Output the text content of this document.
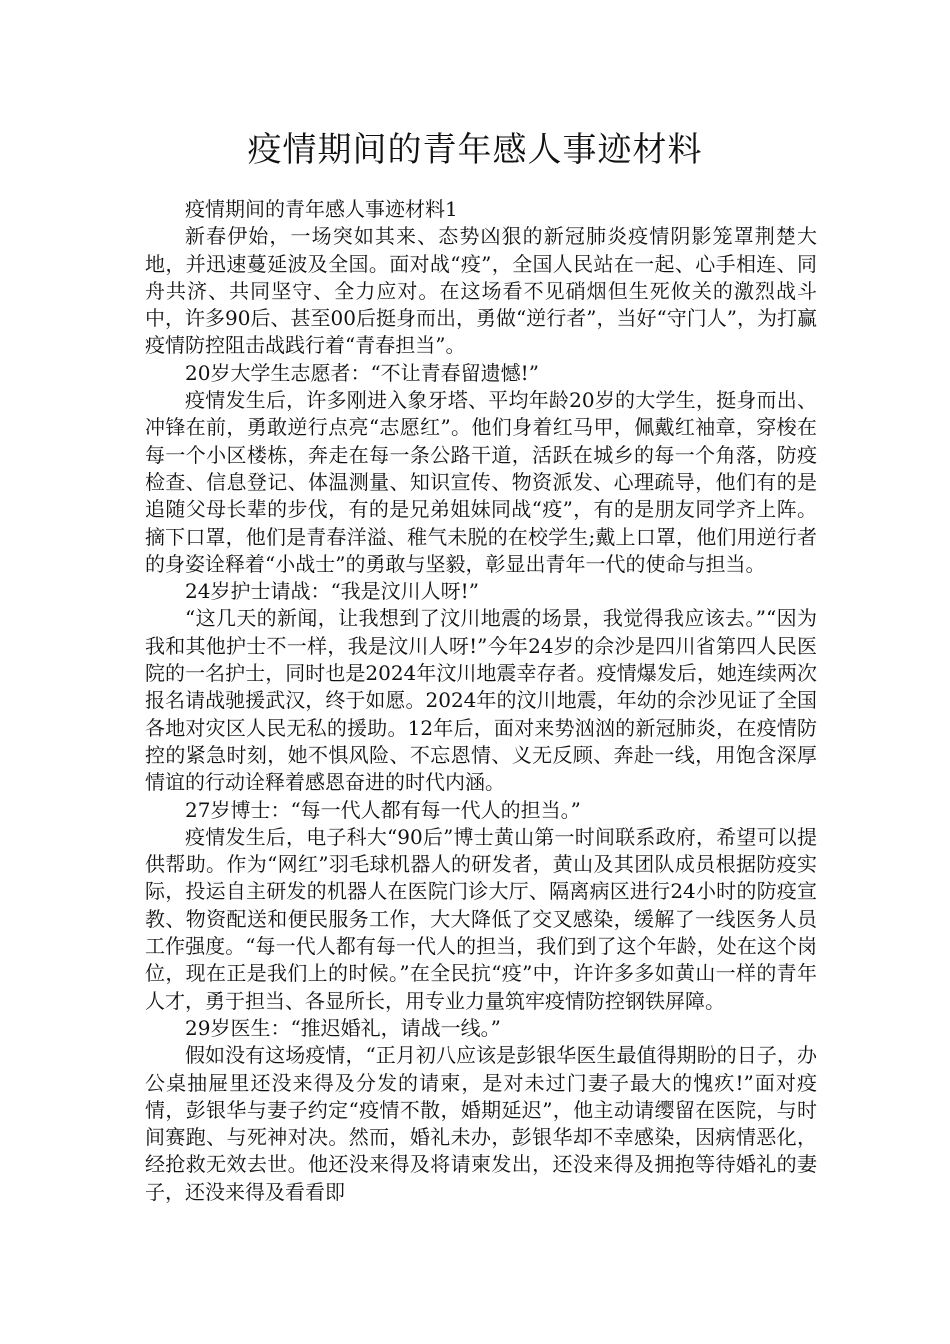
疫情期间的青年感人事迹材料

疫情期间的青年感人事迹材料1

新春伊始，一场突如其来、态势凶狠的新冠肺炎疫情阴影笼罩荆楚大地，并迅速蔓延波及全国。面对战“疫”，全国人民站在一起、心手相连、同舟共济、共同坚守、全力应对。在这场看不见硝烟但生死攸关的激烈战斗中，许多90后、甚至00后挺身而出，勇做“逆行者”，当好“守门人”，为打赢疫情防控阻击战践行着“青春担当”。

20岁大学生志愿者：“不让青春留遗憾!”

疫情发生后，许多刚进入象牙塔、平均年龄20岁的大学生，挺身而出、冲锋在前，勇敢逆行点亮“志愿红”。他们身着红马甲，佩戴红袖章，穿梭在每一个小区楼栋，奔走在每一条公路干道，活跃在城乡的每一个角落，防疫检查、信息登记、体温测量、知识宣传、物资派发、心理疏导，他们有的是追随父母长辈的步伐，有的是兄弟姐妹同战“疫”，有的是朋友同学齐上阵。摘下口罩，他们是青春洋溢、稚气未脱的在校学生;戴上口罩，他们用逆行者的身姿诠释着“小战士”的勇敢与坚毅，彰显出青年一代的使命与担当。

24岁护士请战：“我是汶川人呀!”

“这几天的新闻，让我想到了汶川地震的场景，我觉得我应该去。”“因为我和其他护士不一样，我是汶川人呀!”今年24岁的佘沙是四川省第四人民医院的一名护士，同时也是2024年汶川地震幸存者。疫情爆发后，她连续两次报名请战驰援武汉，终于如愿。2024年的汶川地震，年幼的佘沙见证了全国各地对灾区人民无私的援助。12年后，面对来势汹汹的新冠肺炎，在疫情防控的紧急时刻，她不惧风险、不忘恩情、义无反顾、奔赴一线，用饱含深厚情谊的行动诠释着感恩奋进的时代内涵。

27岁博士：“每一代人都有每一代人的担当。”

疫情发生后，电子科大“90后”博士黄山第一时间联系政府，希望可以提供帮助。作为“网红”羽毛球机器人的研发者，黄山及其团队成员根据防疫实际，投运自主研发的机器人在医院门诊大厅、隔离病区进行24小时的防疫宣教、物资配送和便民服务工作，大大降低了交叉感染，缓解了一线医务人员工作强度。“每一代人都有每一代人的担当，我们到了这个年龄，处在这个岗位，现在正是我们上的时候。”在全民抗“疫”中，许许多多如黄山一样的青年人才，勇于担当、各显所长，用专业力量筑牢疫情防控钢铁屏障。

29岁医生：“推迟婚礼，请战一线。”

假如没有这场疫情，“正月初八应该是彭银华医生最值得期盼的日子，办公桌抽屉里还没来得及分发的请柬，是对未过门妻子最大的愧疚!”面对疫情，彭银华与妻子约定“疫情不散，婚期延迟”，他主动请缨留在医院，与时间赛跑、与死神对决。然而，婚礼未办，彭银华却不幸感染，因病情恶化，经抢救无效去世。他还没来得及将请柬发出，还没来得及拥抱等待婚礼的妻子，还没来得及看看即
